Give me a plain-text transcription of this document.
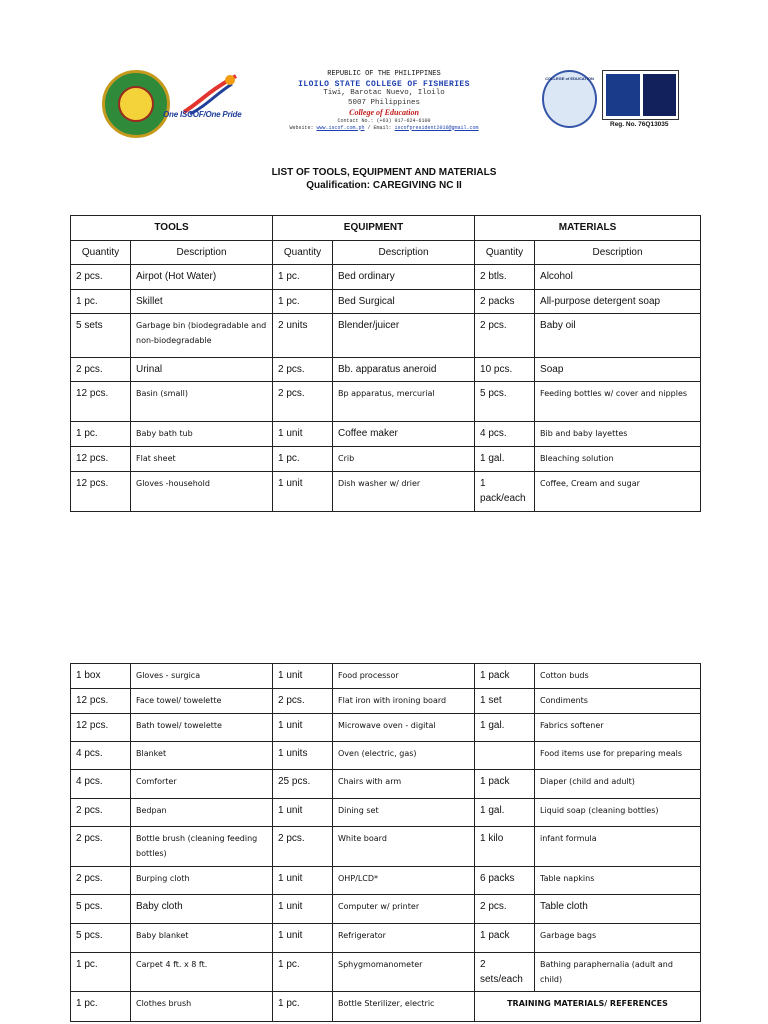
One ISCOF/One Pride
REPUBLIC OF THE PHILIPPINES
ILOILO STATE COLLEGE OF FISHERIES
Tiwi, Barotac Nuevo, Iloilo
5007 Philippines
College of Education
Contact No.: (+63) 917-624-6100
Website: www.iscof.com.ph / Email: iscofpresident2016@gmail.com
COLLEGE of EDUCATION
Reg. No. 76Q13035
LIST OF TOOLS, EQUIPMENT AND MATERIALS
Qualification: CAREGIVING NC II
TOOLS		EQUIPMENT		MATERIALS	
Quantity	Description	Quantity	Description	Quantity	Description
2 pcs.	Airpot (Hot Water)	1 pc.	Bed ordinary	2 btls.	Alcohol
1 pc.	Skillet	1 pc.	Bed Surgical	2 packs	All-purpose detergent soap
5 sets	Garbage bin (biodegradable and non-biodegradable	2 units	Blender/juicer	2 pcs.	Baby oil
2 pcs.	Urinal	2 pcs.	Bb. apparatus aneroid	10 pcs.	Soap
12 pcs.	Basin (small)	2 pcs.	Bp apparatus, mercurial	5 pcs.	Feeding bottles w/ cover and nipples
1 pc.	Baby bath tub	1 unit	Coffee maker	4 pcs.	Bib and baby layettes
12 pcs.	Flat sheet	1 pc.	Crib	1 gal.	Bleaching solution
12 pcs.	Gloves -household	1 unit	Dish washer w/ drier	1 pack/each	Coffee, Cream and sugar
1 box	Gloves - surgica	1 unit	Food processor	1 pack	Cotton buds
12 pcs.	Face towel/ towelette	2 pcs.	Flat iron with ironing board	1 set	Condiments
12 pcs.	Bath towel/ towelette	1 unit	Microwave oven - digital	1 gal.	Fabrics softener
4 pcs.	Blanket	1 units	Oven (electric, gas)		Food items use for preparing meals
4 pcs.	Comforter	25 pcs.	Chairs with arm	1 pack	Diaper (child and adult)
2 pcs.	Bedpan	1 unit	Dining set	1 gal.	Liquid soap (cleaning bottles)
2 pcs.	Bottle brush (cleaning feeding bottles)	2 pcs.	White board	1 kilo	infant formula
2 pcs.	Burping cloth	1 unit	OHP/LCD*	6 packs	Table napkins
5 pcs.	Baby cloth	1 unit	Computer w/ printer	2 pcs.	Table cloth
5 pcs.	Baby blanket	1 unit	Refrigerator	1 pack	Garbage bags
1 pc.	Carpet 4 ft. x 8 ft.	1 pc.	Sphygmomanometer	2 sets/each	Bathing paraphernalia (adult and child)
1 pc.	Clothes brush	1 pc.	Bottle Sterilizer, electric	TRAINING MATERIALS/ REFERENCES	
